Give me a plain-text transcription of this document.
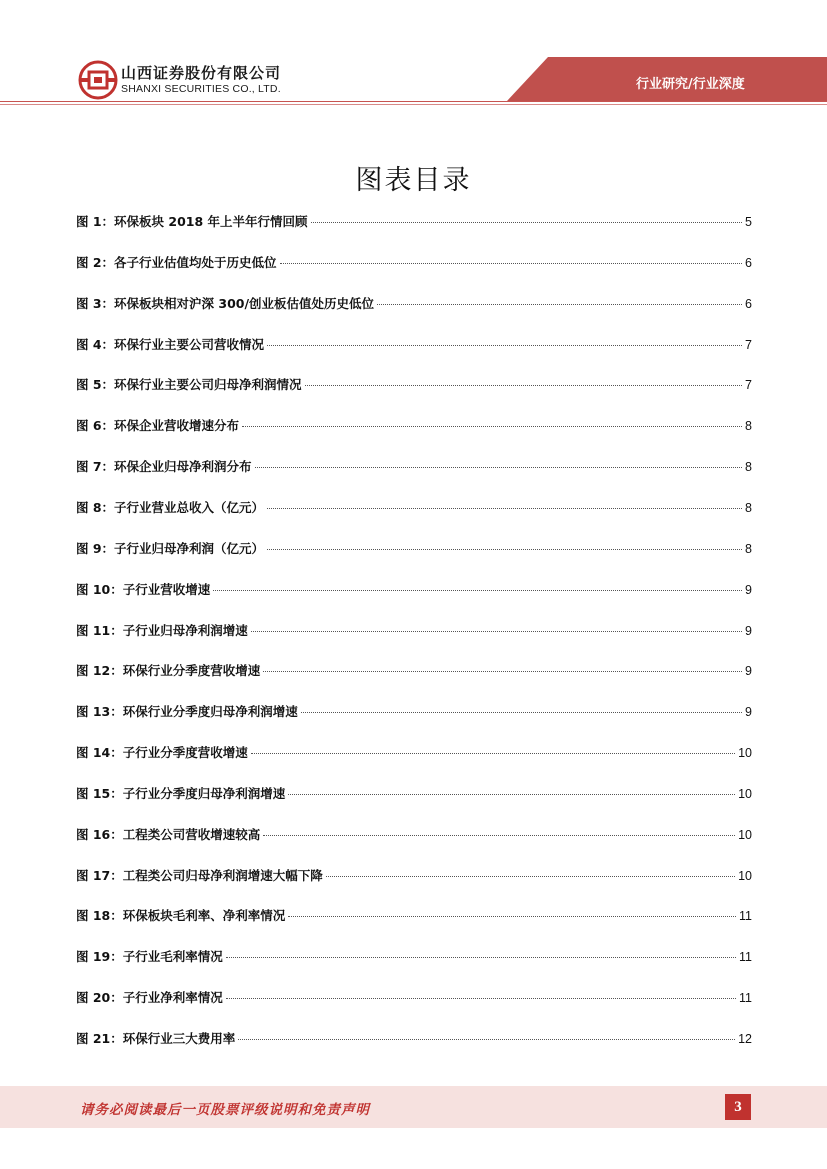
山西证券股份有限公司
SHANXI SECURITIES CO., LTD.	行业研究/行业深度
图表目录
图 1：环保板块 2018 年上半年行情回顾	5
图 2：各子行业估值均处于历史低位	6
图 3：环保板块相对沪深 300/创业板估值处历史低位	6
图 4：环保行业主要公司营收情况	7
图 5：环保行业主要公司归母净利润情况	7
图 6：环保企业营收增速分布	8
图 7：环保企业归母净利润分布	8
图 8：子行业营业总收入（亿元）	8
图 9：子行业归母净利润（亿元）	8
图 10：子行业营收增速	9
图 11：子行业归母净利润增速	9
图 12：环保行业分季度营收增速	9
图 13：环保行业分季度归母净利润增速	9
图 14：子行业分季度营收增速	10
图 15：子行业分季度归母净利润增速	10
图 16：工程类公司营收增速较高	10
图 17：工程类公司归母净利润增速大幅下降	10
图 18：环保板块毛利率、净利率情况	11
图 19：子行业毛利率情况	11
图 20：子行业净利率情况	11
图 21：环保行业三大费用率	12
请务必阅读最后一页股票评级说明和免责声明	3
